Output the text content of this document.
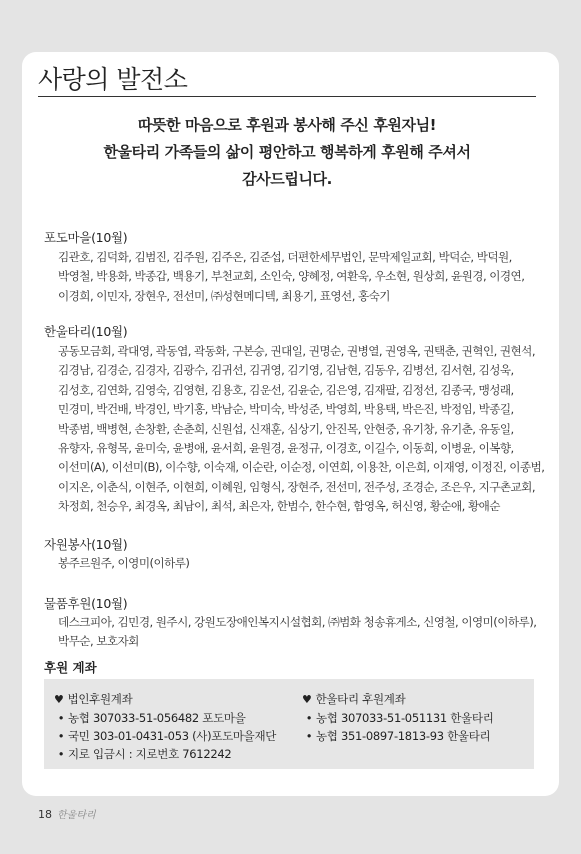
사랑의 발전소
따뜻한 마음으로 후원과 봉사해 주신 후원자님!
한울타리 가족들의 삶이 평안하고 행복하게 후원해 주셔서
감사드립니다.
포도마을(10월)
김관호, 김덕화, 김범진, 김주원, 김주온, 김준섭, 더편한세무법인, 문막제일교회, 박덕순, 박덕원, 박영철, 박용화, 박종갑, 백용기, 부천교회, 소인숙, 양혜정, 여환욱, 우소현, 원상희, 윤원경, 이경연, 이경희, 이민자, 장현우, 전선미, ㈜성현메디텍, 최용기, 표영선, 홍숙기
한울타리(10월)
공동모금회, 곽대영, 곽동엽, 곽동화, 구본승, 권대일, 권명순, 권병열, 권영옥, 권택춘, 권혁인, 권현석, 김경남, 김경순, 김경자, 김광수, 김귀선, 김귀영, 김기영, 김남현, 김동우, 김병선, 김서현, 김성욱, 김성호, 김연화, 김영숙, 김영현, 김용호, 김운선, 김윤순, 김은영, 김재팔, 김정선, 김종국, 맹성래, 민경미, 박건배, 박경인, 박기홍, 박남순, 박미숙, 박성준, 박영희, 박용택, 박은진, 박정임, 박종길, 박종범, 백병현, 손창환, 손춘희, 신원섭, 신재훈, 심상기, 안진목, 안현중, 유기창, 유기춘, 유동일, 유향자, 유형목, 윤미숙, 윤병애, 윤서희, 윤원경, 윤정규, 이경호, 이길수, 이동희, 이병윤, 이복향, 이선미(A), 이선미(B), 이수향, 이숙재, 이순란, 이순정, 이연희, 이용찬, 이은희, 이재영, 이정진, 이종범, 이지온, 이춘식, 이현주, 이현희, 이혜원, 임형식, 장현주, 전선미, 전주성, 조경순, 조은우, 지구촌교회, 차정희, 천승우, 최경옥, 최남이, 최석, 최은자, 한범수, 한수현, 함영옥, 허신영, 황순애, 황애순
자원봉사(10월)
봉주르원주, 이영미(이하루)
물품후원(10월)
데스크피아, 김민경, 원주시, 강원도장애인복지시설협회, ㈜범화 청송휴게소, 신영철, 이영미(이하루), 박무순, 보호자회
후원 계좌
♥ 법인후원계좌
• 농협 307033-51-056482 포도마을
• 국민 303-01-0431-053 (사)포도마을재단
• 지로 입금시 : 지로번호 7612242
♥ 한울타리 후원계좌
• 농협 307033-51-051131 한울타리
• 농협 351-0897-1813-93 한울타리
18 한울타리
